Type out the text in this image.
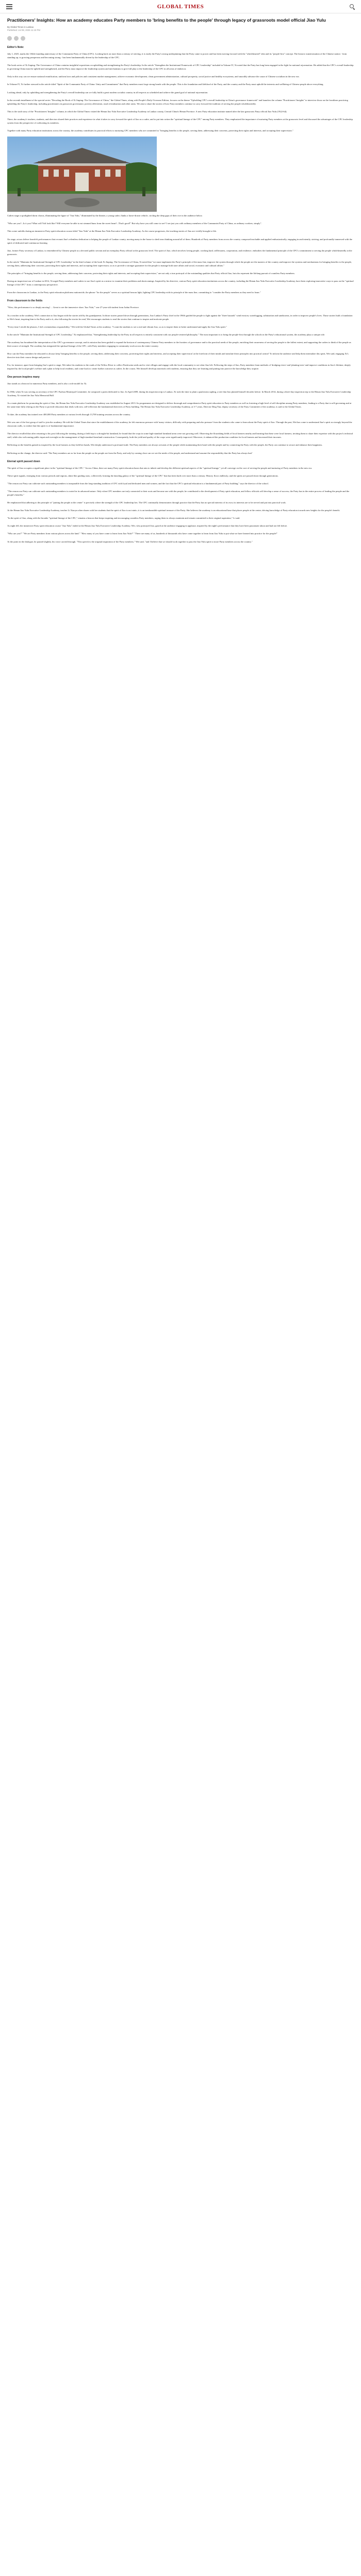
GLOBAL TIMES
Practitioners' Insights: How an academy educates Party members to 'bring benefits to the people' through legacy of grassroots model official Jiao Yulu
By Global Times in Lankao
Published: Jul 08, 2025 11:43 PM
Editor's Note:

July 1, 2025, marks the 104th founding anniversary of the Communist Party of China (CPC). Looking back on more than a century of striving, it is easily the Party's strong underpinning that the Party came to power and has been moving forward with the "wholehearted" idea and its "people-first" concept. The historic transformation of the Chinese nation - from standing up, to growing prosperous and becoming strong - has been fundamentally driven by the leadership of the CPC.

The book series of Xi Jinping: The Governance of China contains insightful expositions on upholding and strengthening the Party's leadership. In the article "Strengthen the Institutional Framework of CPC Leadership" included in Volume IV, Xi noted that the Party has long been engaged in the fight for national rejuvenation. He added that the CPC's overall leadership in governing China must be upheld and strengthened, and the Party must improve the leadership system and mechanisms to give full play to the leadership of the CPC in all areas of endeavor.

Only in this way can we ensure national reunification, uniform laws and policies and consistent market management, achieve economic development, clean government administration, cultural prosperity, social justice and healthy ecosystems, and smoothly advance the cause of Chinese socialism in the new era.

In Volume IV, Xi further stressed in the article titled "Spirit of the Communist Party of China: Unity and Commitment" that Party members must forge strong bonds with the people. This is the foundation and lifeblood of the Party, and the country and the Party must uphold the interests and wellbeing of Chinese people above everything.

Looking ahead, only by upholding and strengthening the Party's overall leadership can we fully build a great modern socialist country in all respects as scheduled and achieve the grand goal of national rejuvenation.

In the seventh installment of the special series "Decoding the Book of Xi Jinping: The Governance of China," the Global Times, along with People's Daily Overseas Edition, focuses on the theme "Upholding CPC's overall leadership in China's governance framework" and launches the column "Practitioners' Insights" to interview those on the frontlines practicing upholding the Party's leadership, including practitioners in grassroots governance, poverty alleviation, rural revitalization and other areas. We aim to share the stories of how Party members continue to carry forward the tradition of serving the people wholeheartedly.

This is the sixth story of the "Practitioners' Insights" column, in which the Global Times visited the Henan Jiao Yulu Executive Leadership Academy in Lankao county, Central China's Henan Province. A new Party education institute named after the late grassroots Party official Jiao Yulu (1922-64).

There, the academy's teachers, students, and directors shared their practices and experience in what it takes to carry forward the spirit of Jiao as a cadre, and to put into action the "spiritual lineage of the CPC" among Party members. They emphasized the importance of nurturing Party members at the grassroots level and discussed the advantages of the CPC leadership system from the perspective of cultivating its members.

Together with many Party education institutions across the country, the academy contributes its practical efforts to nurturing CPC members who are committed to "bringing benefits to the people, serving them, addressing their concerns, protecting their rights and interests, and accepting their supervision."

Cadres stage a spotlighted dorm chorus, illuminating the figure of "Jiao Yulu," illuminated by the theater, a young cadre, flanks a horse-drawn vehicle, circling the deep gaps of their rice in the audience below.

"Who are you?...Is it you? What will Yoli look like? Will everyone be able to eat steamed buns from the sweet bean?...That's good!" But why have you still come to see? I see just you with ordinary members of the Communist Party of China, as ordinary workers, simply".

This scene unfolds during an immersive Party spirit education course titled "Jiao Yulu" at the Henan Jiao Yulu Executive Leadership Academy. As the course progresses, the touching stories of Jiao are vividly brought to life.

On stage, actors deliver heartfelt performances that recount Jiao's relentless dedication to helping the people of Lankao county, moving many in the house to shed tears thinking around all of them. Hundreds of Party members from across the country composed teachable and applied enthusiastically, engaging in and intently, striving, and profoundly immersed with the spirit of dedicated and continuous learning.

Jiao, former Party secretary of Lankao, is remembered by Chinese people as a devoted public servant and an exemplary Party official at the grassroots level. The spirit of Jiao, which involves loving people, working hard, selflessness, cooperation, and resilience, embodies the fundamental principle of the CPC's commitment to serving the people wholeheartedly at the grassroots.

In the article "Maintain the Institutional Strength of CPC Leadership" in the third volume of the book Xi Jinping: The Governance of China, Xi noted that "we must implement the Party's principle of the mass line, improve the system through which the people are the masters of the country and improve the systems and mechanisms for bringing benefits to the people, serving them, addressing their concerns, protecting their rights and interests, and accepting their supervision, so as to provide a stronger guarantee for the people to manage both state affairs and social, economic and cultural affairs."

The principles of "bringing benefits to the people, serving them, addressing their concerns, protecting their rights and interests, and accepting their supervision," are not only a true portrayal of the outstanding qualities that Party official Jiao, but also represent the lifelong pursuit of countless Party members.

During an inspection tour of Lankao in 2014, Xi urged Party members and cadres to use Jiao's spirit as a mirror to examine their problems and shortcomings. Inspired by his directive, various Party spirit education institutions across the country, including the Henan Jiao Yulu Executive Leadership Academy, have been exploring innovative ways to pass on the "spiritual lineage of the CPC" from a contemporary perspective.

From the classrooms in Lankao, to the Party spirit education platforms nationwide, the phrase "for the people" serves as a spiritual beacon light, lighting CPC leadership with its principle of the mass line, committing to "consider the Party members as they need to learn."

From classroom to the fields

"Wow, this performance is so deeply moving! ... Great to see the immersive show 'Jiao Yulu,'" one 27-year-old student from Anhui Province.

As a teacher at the academy, Wei's connection to Jiao began with the stories told by his grandparents. In those stories passed down through generations, Jiao Lankao's Party chief in the 1960s guided the people to fight against the "three hazards" wind erosion, waterlogging, salinization and sandstorms, in order to improve people's lives. Those stories built a foundation in Wei's heart, inspiring him to the Party and to it, also following the stories he read, Wei encourages students to read the stories that continue to inspire and motivate people.

"Every time I retold the phrases, I feel a tremendous responsibility," Wei told the Global Times at the academy. "I want the students to see a real and vibrant Jiao, so as to inspire them to better understand and apply the Jiao Yulu spirit."

In the article "Maintain the Institutional Strength of CPC Leadership," Xi emphasized that, "Strengthening leadership by the Party in all respects is entirely consistent with our people-centered philosophy." The most important is to bring the people-first through the schools in the Party's educational system, the academy plays a unique role.

The academy has broadened the interpretation of the CPC's governance concept, and its mission has been guided to expand the horizon of contemporary Chinese Party members to the frontiers of governance and to the practical needs of the people, enriching their awareness of serving the people to the fullest extent, and supporting the cadres to think of the people as their source of strength. The academy has integrated the spiritual lineage of the CPC, with Party members engaging in community work across the entire country.

How can the Party members be educated to always keep 'bringing benefits to the people, serving them, addressing their concerns, protecting their rights and interests, and accepting their supervision' at the forefront of their minds and translate these principles into practical action? To inform the audience and help them internalize this spirit, Wei said, engaging Xi's directive into their course design and practice.

For, for instance, apart from bringing Jiao's spirit to stage, Wei takes his students to the roads of the Yellow River to collect Paulownia seeds and to visit villages and engage with the local community to see what Jiao left. Following the steps of Jiao, Party members learn methods of 'dredging rivers' and 'planting trees' and improve conditions in Jiao's lifetime, deeply inspired by the local people's welfare and a plan to help local residents, and come back to create further outcome as cadres. In the course, Wei himself develops materials with students, ensuring that they are learning and putting into practice the knowledge they acquire.

One person inspires many

Jiao stands as a beacon for numerous Party members, and is also a role model for Xi.

In 1966, when Xi was serving as secretary of the CPC Fuzhou Municipal Committee, he composed a poem dedicated to Jiao. In April 2009, during his inspection trip to Lankao, Xi took the time to plant a paulownia sapling, a tree that Jiao planted himself decades before. In March 2014, during a three-day inspection trip to the Henan Jiao Yulu Executive Leadership Academy, Xi visited the Jiao Yulu Memorial Hall.

As a main platform for promoting the spirit of Jiao, the Henan Jiao Yulu Executive Leadership Academy was established in August 2013. Its programmes are designed to deliver thorough and comprehensive Party spirit education to Party members as well as fostering a high level of self-discipline among Party members, leading to a Party that is self-governing and at the same time fully relying on the Party to provide education that deals with new, self-reflection the fundamental directives of Party building. The Henan Jiao Yulu Executive Leadership Academy, at 3-7 years, Director Ding Yun, deputy secretary of the Party Committee of the academy, is said to the Global Times.

To date, the academy has trained over 400,000 Party members at various levels through 13,700 training sessions across the country.

Wei was one of the first group of staff to join the academy. He told the Global Times that since the establishment of the academy, he felt enormous pressure with 'many visitors, difficulty with preparing and also pressure' from the students who came to learn about the Party spirit of Jiao. Through the past, Wei has come to understand Jiao's spirit as strongly beyond the classroom walls, to realize that this spirit is of fundamental importance.

The director recalled that after returning to his post following the training, during a field trip to a drought-hit farmland, he found that the crops in some high-standard farmland areas were not growing well. Observing the flourishing fields of local farmers nearby and learning that these were local farmers, inviting them to share their expertise with the project's technical staff, while also welcoming public input and oversight on the management of high-standard farmland construction. Consequently, both the yield and quality of the crops were significantly improved. Moreover, it enhanced the production condition for local farmers and increased their incomes.

Reflecting on the benefits gained as inspired by the local farmers as they held her hands, Wei deeply understood a profound truth: The Party members are always servants of the people while maintaining their bond with the people and by connecting the Party with the people, the Party can continue to secure and enhance their happiness.

Reflecting on the change, the director said: 'The Party members are as far from the people as the people are from the Party, and only by coming close can we see the needs of the people, and understand and assume the responsibility that the Party has always had.'

Eternal spirit passed down

The spirit of Jiao occupies a significant place in the "spiritual lineage of the CPC." Across China, there are many Party spirit education bases that aim to inherit and develop the different spiritual aspects of the "spiritual lineage," yet all converge on the core of serving the people and nurturing of Party members in the new era.

These spirit signals, emerging from various periods and regions, shine like guiding stars, collectively forming the dazzling galaxy of the "spiritual lineage of the CPC" that has been built over more than a century. History flows endlessly, and the spirits are passed down through generations.

"The reason our Party can cultivate such outstanding members is inseparable from the long-standing tradition of CPC with loyal and dedicated men and women, and the fact that the CPC's spiritual education is a fundamental part of Party building," says the director of the school.

"The reason our Party can cultivate such outstanding members is rooted in its advanced nature. Only when CPC members are truly connected to their roots and become one with the people, he contributed to the development of Party spirit education, and fellow officials will develop a sense of success, the Party has in the entire process of leading the people and the people's benefits."

He emphasized that adhering to the principle of "putting the people at the center" is precisely where the strength of the CPC leadership lies. The CPC continually demonstrates through practice that the Party has no special interests of its own; its interests are to be served and put into practical work.

At the Henan Jiao Yulu Executive Leadership Academy, teacher Li Xiaoyu often shares with her students that the spirit of Jiao is not static; it is an inexhaustible spiritual treasure of the Party. She believes the academy is an educational base that places people at the center, driving knowledge of Party education towards new heights for the people's benefit.

"In the spirit of Jiao, along with the broader "spiritual lineage of the CPC," remains a beacon that keeps inspiring and encouraging countless Party members, urging them to always maintain and remain committed to their original aspiration," Li said.

As night fell, the immersive Party spirit education course "Jiao Yulu" ended at the Henan Jiao Yulu Executive Leadership Academy. Wei, who portrayed Jiao, gazed at the audience engaging in applause, inspired by the night's performance that they have been passionate about and had not felt before.

"Who are you?" "We are Party members from various places across the land." "How many of you have come to learn from Jiao Yulu?" "There are many of us, hundreds of thousands who have come together to learn from Jiao Yulu to put what we have learned into practice for the people!"

At the point in the dialogue, he paused slightly, his voice carried through. "This speech is the original inspiration of the Party members," Wei said, "and I believe that we should work together to pass the Jiao Yulu spirit to more Party members across the country."
